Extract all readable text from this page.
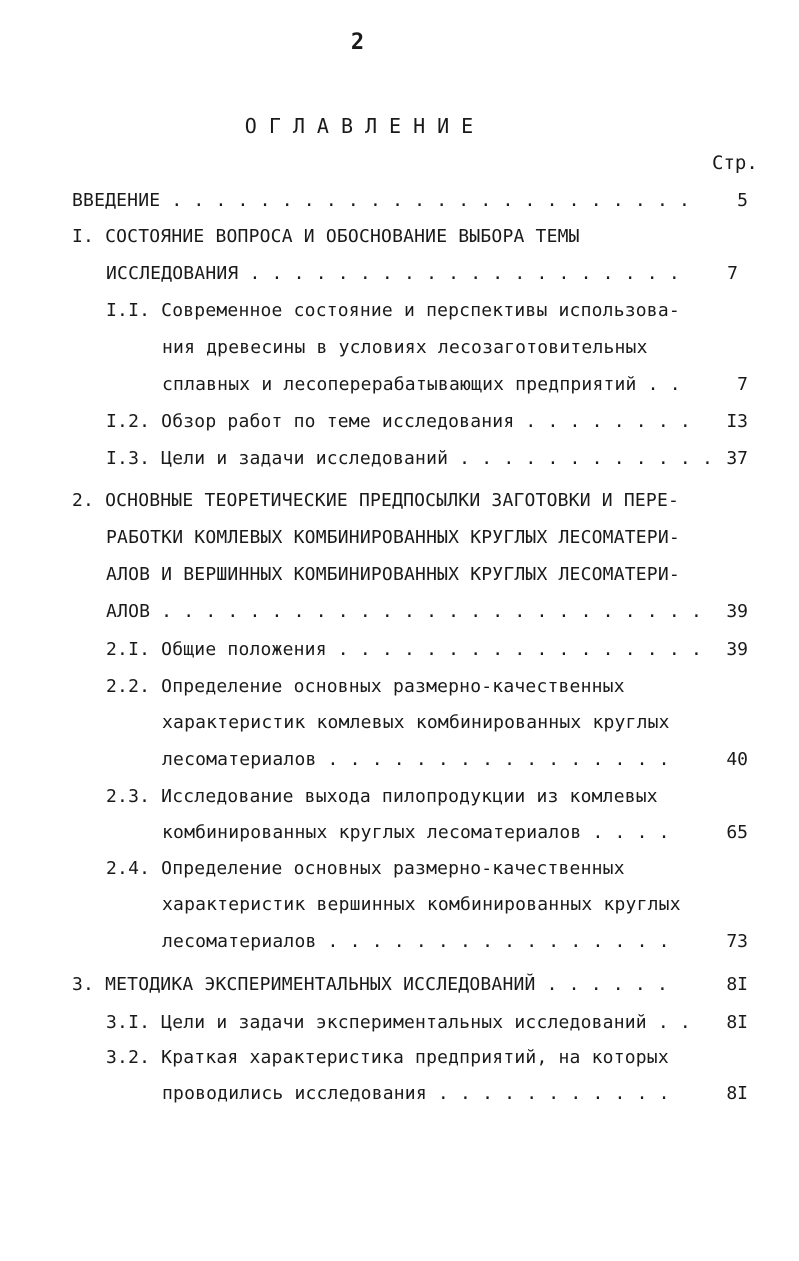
2
ОГЛАВЛЕНИЕ
Стр.
ВВЕДЕНИЕ . . . . . . . . . . . . . . . . . . . . . . . .	5
I. СОСТОЯНИЕ ВОПРОСА И ОБОСНОВАНИЕ ВЫБОРА ТЕМЫ
ИССЛЕДОВАНИЯ . . . . . . . . . . . . . . . . . . . .	7
I.I. Современное состояние и перспективы использова-
ния древесины в условиях лесозаготовительных
сплавных и лесоперерабатывающих предприятий . .	7
I.2. Обзор работ по теме исследования . . . . . . . .	I3
I.3. Цели и задачи исследований . . . . . . . . . . . . 37
2. ОСНОВНЫЕ ТЕОРЕТИЧЕСКИЕ ПРЕДПОСЫЛКИ ЗАГОТОВКИ И ПЕРЕ-
РАБОТКИ КОМЛЕВЫХ КОМБИНИРОВАННЫХ КРУГЛЫХ ЛЕСОМАТЕРИ-
АЛОВ И ВЕРШИННЫХ КОМБИНИРОВАННЫХ КРУГЛЫХ ЛЕСОМАТЕРИ-
АЛОВ . . . . . . . . . . . . . . . . . . . . . . . . .	39
2.I. Общие положения . . . . . . . . . . . . . . . . .	39
2.2. Определение основных размерно-качественных
характеристик комлевых комбинированных круглых
лесоматериалов . . . . . . . . . . . . . . . .	40
2.3. Исследование выхода пилопродукции из комлевых
комбинированных круглых лесоматериалов . . . .	65
2.4. Определение основных размерно-качественных
характеристик вершинных комбинированных круглых
лесоматериалов . . . . . . . . . . . . . . . .	73
3. МЕТОДИКА ЭКСПЕРИМЕНТАЛЬНЫХ ИССЛЕДОВАНИЙ . . . . . .	8I
3.I. Цели и задачи экспериментальных исследований . .	8I
3.2. Краткая характеристика предприятий, на которых
проводились исследования . . . . . . . . . . .	8I
